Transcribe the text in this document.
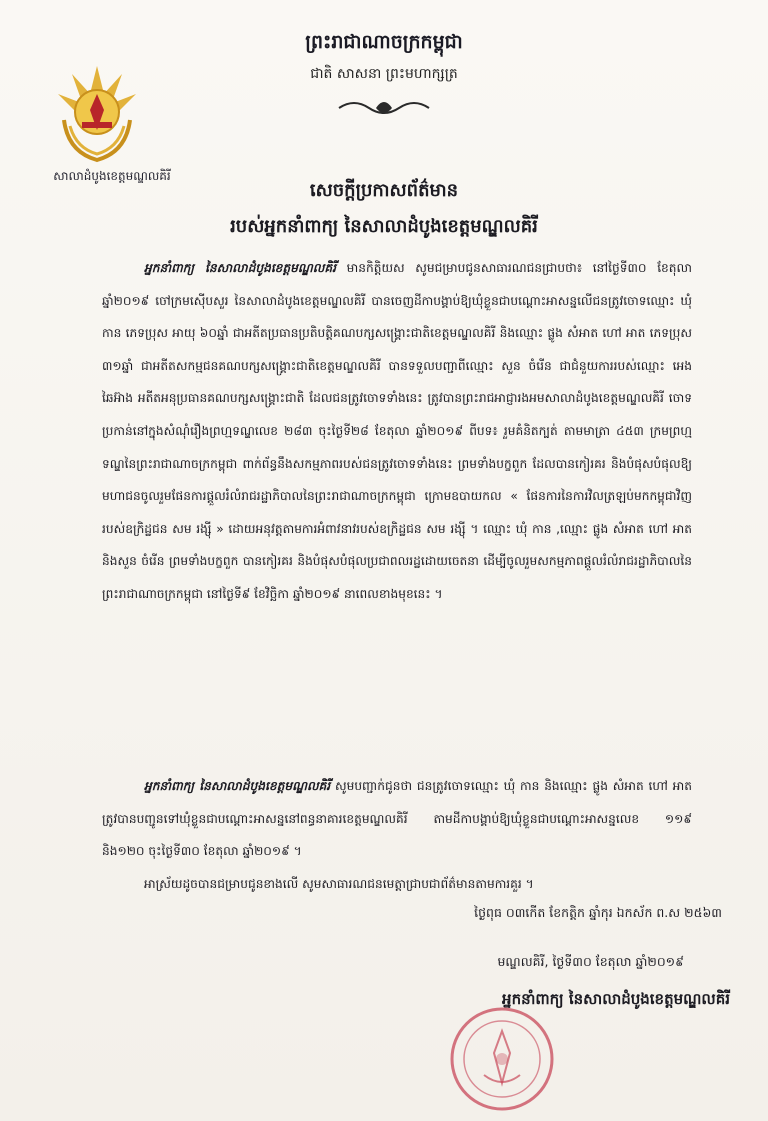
សាលាដំបូងខេត្តមណ្ឌលគិរី
ព្រះរាជាណាចក្រកម្ពុជា
ជាតិ សាសនា ព្រះមហាក្សត្រ
សេចក្ដីប្រកាសព័ត៌មាន
របស់អ្នកនាំពាក្យ នៃសាលាដំបូងខេត្តមណ្ឌលគិរី
អ្នកនាំពាក្យ នៃសាលាដំបូងខេត្តមណ្ឌលគិរី មានកិត្តិយស សូមជម្រាបជូនសាធារណជនជ្រាបថា៖ នៅថ្ងៃទី៣០ ខែតុលា ឆ្នាំ២០១៩ ចៅក្រមស៊ើបសួរ នៃសាលាដំបូងខេត្តមណ្ឌលគិរី បានចេញដីកាបង្គាប់ឱ្យឃុំខ្លួនជាបណ្ដោះអាសន្នលើជនត្រូវចោទឈ្មោះ ឃុំ កាន ភេទប្រុស អាយុ ៦០ឆ្នាំ ជាអតីតប្រធានប្រតិបត្តិគណបក្សសង្គ្រោះជាតិខេត្តមណ្ឌលគិរី និងឈ្មោះ ផ្លូង សំអាត ហៅ អាត ភេទប្រុស ៣១ឆ្នាំ ជាអតីតសកម្មជនគណបក្សសង្គ្រោះជាតិខេត្តមណ្ឌលគិរី បានទទួលបញ្ជាពីឈ្មោះ សួន ចំរើន ជាជំនួយការរបស់ឈ្មោះ អេង ឆៃអ៊ាង អតីតអនុប្រធានគណបក្សសង្គ្រោះជាតិ ដែលជនត្រូវចោទទាំងនេះ ត្រូវបានព្រះរាជអាជ្ញារងអមសាលាដំបូងខេត្តមណ្ឌលគិរី ចោទប្រកាន់នៅក្នុងសំណុំរឿងព្រហ្មទណ្ឌលេខ ២៨៣ ចុះថ្ងៃទី២៨ ខែតុលា ឆ្នាំ២០១៩ ពីបទ៖ រួមគំនិតក្បត់ តាមមាត្រា ៤៥៣ ក្រមព្រហ្មទណ្ឌនៃព្រះរាជាណាចក្រកម្ពុជា ពាក់ព័ន្ធនឹងសកម្មភាពរបស់ជនត្រូវចោទទាំងនេះ ព្រមទាំងបក្ខពួក ដែលបានកៀរគរ និងបំផុសបំផុលឱ្យមហាជនចូលរួមផែនការផ្ដួលរំលំរាជរដ្ឋាភិបាលនៃព្រះរាជាណាចក្រកម្ពុជា ក្រោមឧបាយកល « ផែនការនៃការវិលត្រឡប់មកកម្ពុជាវិញរបស់ឧក្រិដ្ឋជន សម រង្ស៊ី » ដោយអនុវត្តតាមការអំពាវនាវរបស់ឧក្រិដ្ឋជន សម រង្ស៊ី ។ ឈ្មោះ ឃុំ កាន ,ឈ្មោះ ផ្លូង សំអាត ហៅ អាត និងសួន ចំរើន ព្រមទាំងបក្ខពួក បានកៀរគរ និងបំផុសបំផុលប្រជាពលរដ្ឋដោយចេតនា ដើម្បីចូលរួមសកម្មភាពផ្ដួលរំលំរាជរដ្ឋាភិបាលនៃព្រះរាជាណាចក្រកម្ពុជា នៅថ្ងៃទី៩ ខែវិច្ឆិកា ឆ្នាំ២០១៩ នាពេលខាងមុខនេះ ។
អ្នកនាំពាក្យ នៃសាលាដំបូងខេត្តមណ្ឌលគិរី សូមបញ្ជាក់ជូនថា ជនត្រូវចោទឈ្មោះ ឃុំ កាន និងឈ្មោះ ផ្លូង សំអាត ហៅ អាត ត្រូវបានបញ្ជូនទៅឃុំខ្លួនជាបណ្ដោះអាសន្ននៅពន្ធនាគារខេត្តមណ្ឌលគិរី តាមដីកាបង្គាប់ឱ្យឃុំខ្លួនជាបណ្ដោះអាសន្នលេខ ១១៩ និង១២០ ចុះថ្ងៃទី៣០ ខែតុលា ឆ្នាំ២០១៩ ។
អាស្រ័យដូចបានជម្រាបជូនខាងលើ សូមសាធារណជនមេត្តាជ្រាបជាព័ត៌មានតាមការគួរ ។
ថ្ងៃពុធ ០៣កើត ខែកត្តិក ឆ្នាំកុរ ឯកស័ក ព.ស ២៥៦៣
មណ្ឌលគិរី, ថ្ងៃទី៣០ ខែតុលា ឆ្នាំ២០១៩
អ្នកនាំពាក្យ នៃសាលាដំបូងខេត្តមណ្ឌលគិរី
